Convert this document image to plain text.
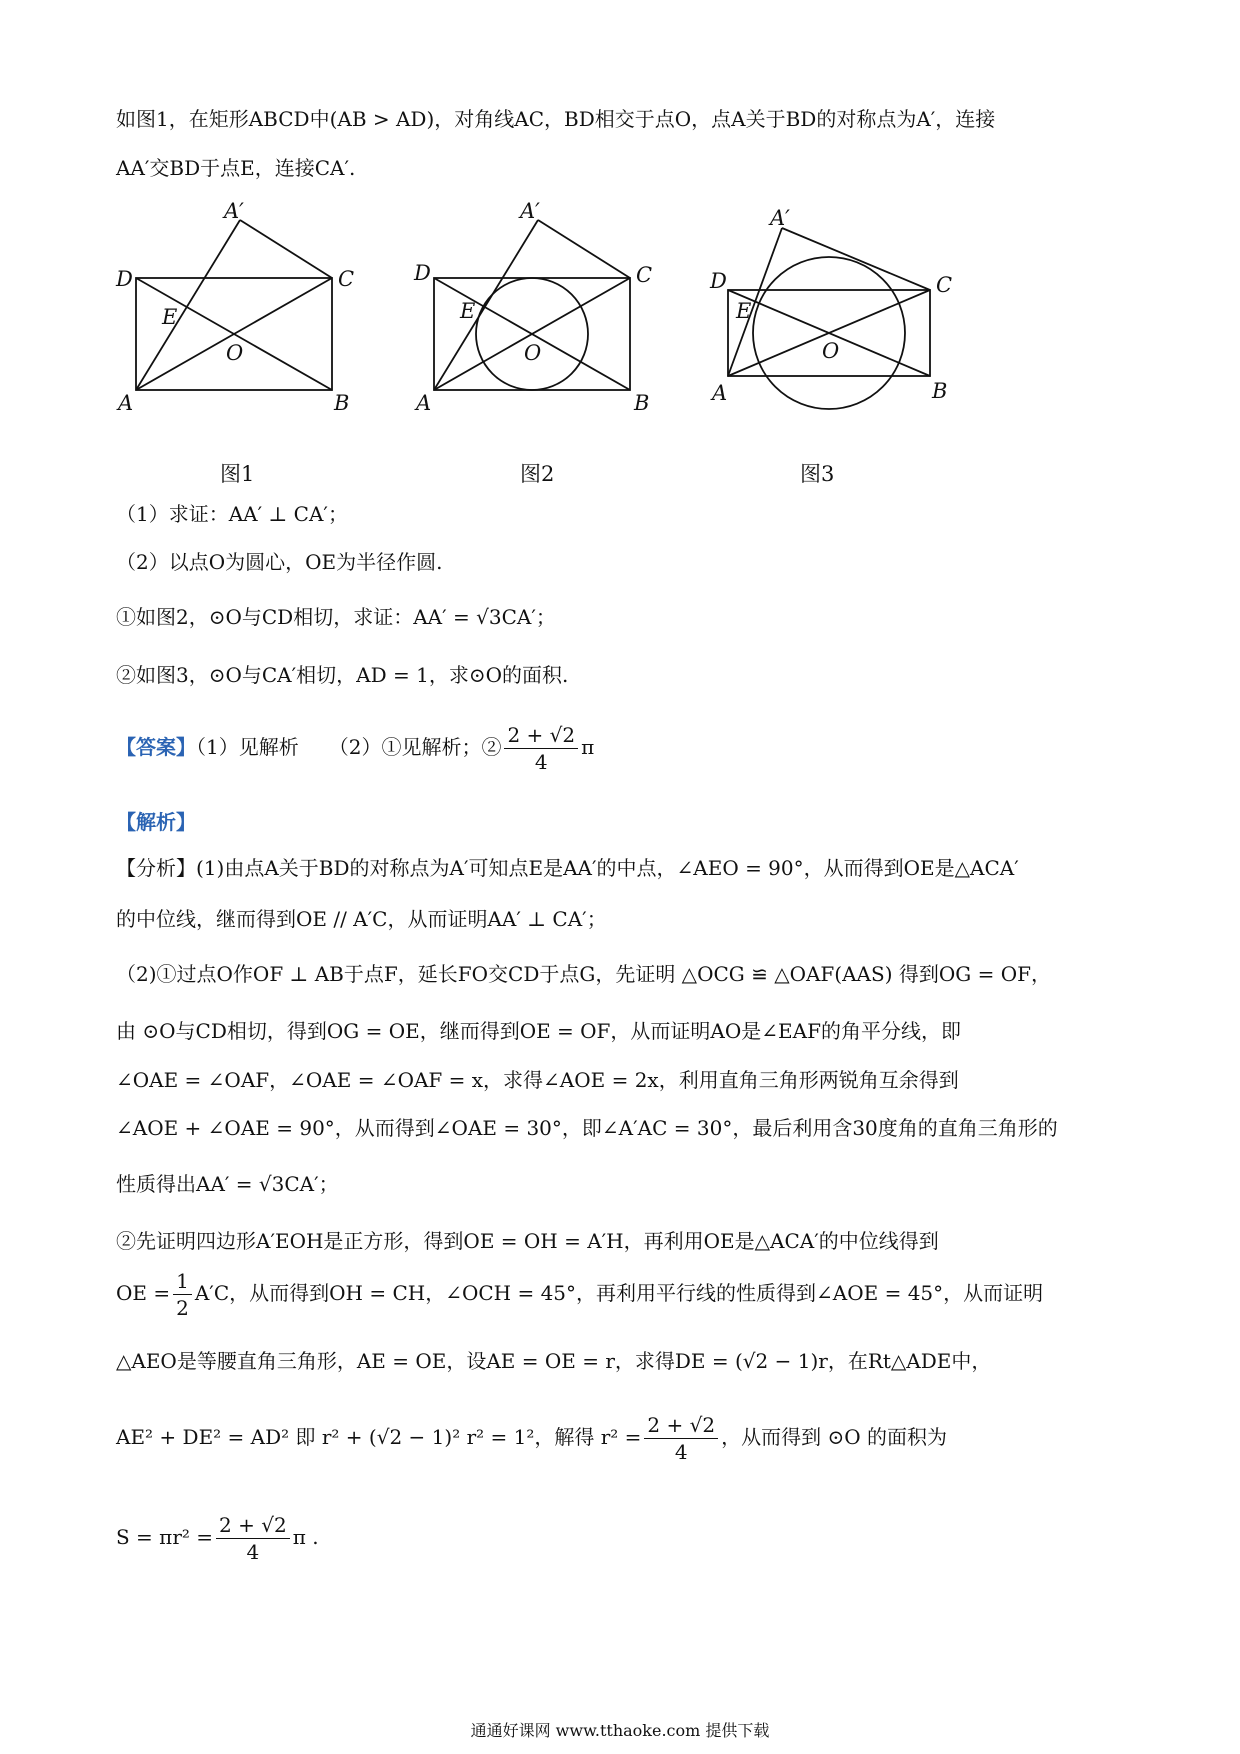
如图1，在矩形ABCD中(AB > AD)，对角线AC，BD相交于点O，点A关于BD的对称点为A′，连接
AA′交BD于点E，连接CA′.
D	C
A	B
E
O
A′
D	C
A	B
E
O
A′
D	C
A	B
E
O
A′
图1	图2	图3
（1）求证：AA′ ⊥ CA′；
（2）以点O为圆心，OE为半径作圆.
①如图2，⊙O与CD相切，求证：AA′ = √3CA′；
②如图3，⊙O与CA′相切，AD = 1，求⊙O的面积.
【答案】（1）见解析　　（2）①见解析；② $\frac{2 + √2}{4}$ π
【解析】
【分析】(1)由点A关于BD的对称点为A′可知点E是AA′的中点，∠AEO = 90°，从而得到OE是△ACA′
的中位线，继而得到OE // A′C，从而证明AA′ ⊥ CA′；
（2)①过点O作OF ⊥ AB于点F，延长FO交CD于点G，先证明 △OCG ≌ △OAF(AAS) 得到OG = OF，
由 ⊙O与CD相切，得到OG = OE，继而得到OE = OF，从而证明AO是∠EAF的角平分线，即
∠OAE = ∠OAF，∠OAE = ∠OAF = x，求得∠AOE = 2x，利用直角三角形两锐角互余得到
∠AOE + ∠OAE = 90°，从而得到∠OAE = 30°，即∠A′AC = 30°，最后利用含30度角的直角三角形的
性质得出AA′ = √3CA′；
②先证明四边形A′EOH是正方形，得到OE = OH = A′H，再利用OE是△ACA′的中位线得到
OE = $\frac{1}{2} A'C$，从而得到OH = CH，∠OCH = 45°，再利用平行线的性质得到∠AOE = 45°，从而证明
△AEO是等腰直角三角形，AE = OE，设AE = OE = r，求得DE = (√2 − 1)r，在Rt△ADE中，
AE² + DE² = AD² 即 r² + (√2 − 1)² r² = 1²，解得 $r^2 = \frac{2 + √2}{4}$ ，从而得到 ⊙O 的面积为
$S = \pi r^2 = \frac{2 + √2}{4}$ π .
通通好课网 www.tthaoke.com 提供下载
